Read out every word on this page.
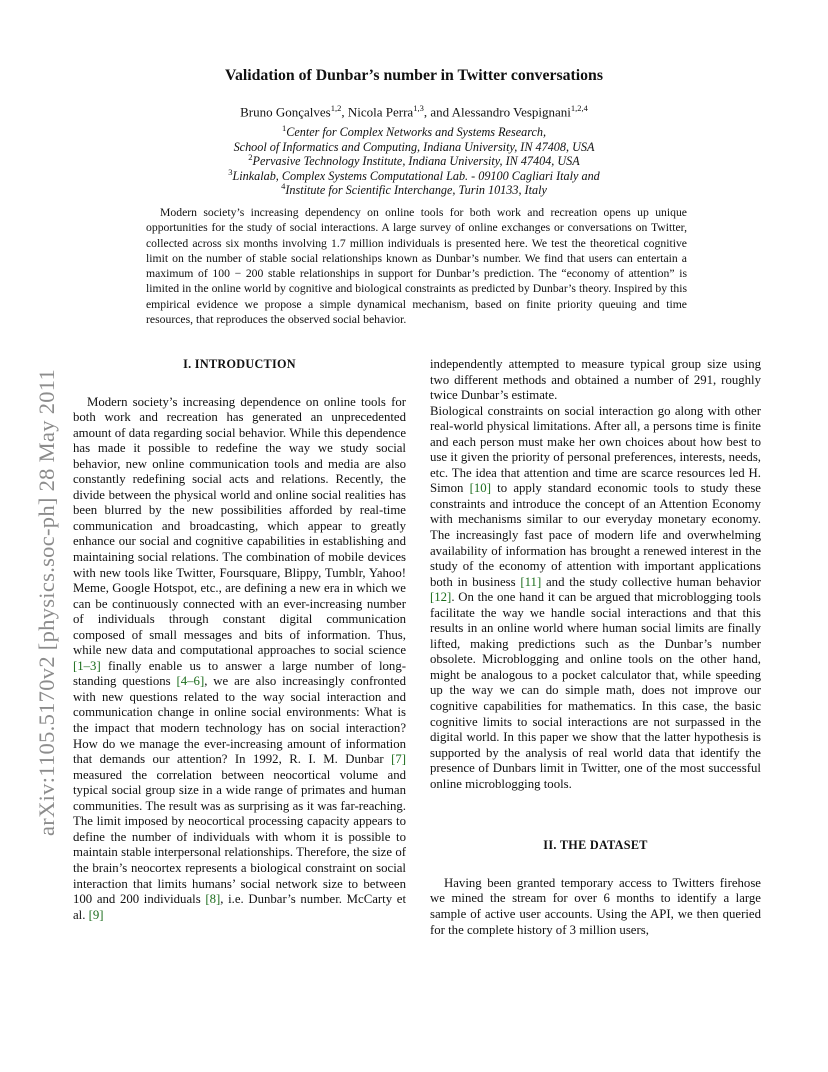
arXiv:1105.5170v2 [physics.soc-ph] 28 May 2011
Validation of Dunbar’s number in Twitter conversations
Bruno Gonçalves$^{1,2}$, Nicola Perra$^{1,3}$, and Alessandro Vespignani$^{1,2,4}$
$^1$Center for Complex Networks and Systems Research,
School of Informatics and Computing, Indiana University, IN 47408, USA
$^2$Pervasive Technology Institute, Indiana University, IN 47404, USA
$^3$Linkalab, Complex Systems Computational Lab. - 09100 Cagliari Italy and
$^4$Institute for Scientific Interchange, Turin 10133, Italy

Modern society’s increasing dependency on online tools for both work and recreation opens up unique opportunities for the study of social interactions. A large survey of online exchanges or conversations on Twitter, collected across six months involving 1.7 million individuals is presented here. We test the theoretical cognitive limit on the number of stable social relationships known as Dunbar’s number. We find that users can entertain a maximum of 100 − 200 stable relationships in support for Dunbar’s prediction. The “economy of attention” is limited in the online world by cognitive and biological constraints as predicted by Dunbar’s theory. Inspired by this empirical evidence we propose a simple dynamical mechanism, based on finite priority queuing and time resources, that reproduces the observed social behavior.

I. INTRODUCTION

Modern society’s increasing dependence on online tools for both work and recreation has generated an unprecedented amount of data regarding social behavior. While this dependence has made it possible to redefine the way we study social behavior, new online communication tools and media are also constantly redefining social acts and relations. Recently, the divide between the physical world and online social realities has been blurred by the new possibilities afforded by real-time communication and broadcasting, which appear to greatly enhance our social and cognitive capabilities in establishing and maintaining social relations. The combination of mobile devices with new tools like Twitter, Foursquare, Blippy, Tumblr, Yahoo! Meme, Google Hotspot, etc., are defining a new era in which we can be continuously connected with an ever-increasing number of individuals through constant digital communication composed of small messages and bits of information. Thus, while new data and computational approaches to social science [1–3] finally enable us to answer a large number of long-standing questions [4–6], we are also increasingly confronted with new questions related to the way social interaction and communication change in online social environments: What is the impact that modern technology has on social interaction? How do we manage the ever-increasing amount of information that demands our attention? In 1992, R. I. M. Dunbar [7] measured the correlation between neocortical volume and typical social group size in a wide range of primates and human communities. The result was as surprising as it was far-reaching. The limit imposed by neocortical processing capacity appears to define the number of individuals with whom it is possible to maintain stable interpersonal relationships. Therefore, the size of the brain’s neocortex represents a biological constraint on social interaction that limits humans’ social network size to between 100 and 200 individuals [8], i.e. Dunbar’s number. McCarty et al. [9]

independently attempted to measure typical group size using two different methods and obtained a number of 291, roughly twice Dunbar’s estimate.

Biological constraints on social interaction go along with other real-world physical limitations. After all, a persons time is finite and each person must make her own choices about how best to use it given the priority of personal preferences, interests, needs, etc. The idea that attention and time are scarce resources led H. Simon [10] to apply standard economic tools to study these constraints and introduce the concept of an Attention Economy with mechanisms similar to our everyday monetary economy. The increasingly fast pace of modern life and overwhelming availability of information has brought a renewed interest in the study of the economy of attention with important applications both in business [11] and the study collective human behavior [12]. On the one hand it can be argued that microblogging tools facilitate the way we handle social interactions and that this results in an online world where human social limits are finally lifted, making predictions such as the Dunbar’s number obsolete. Microblogging and online tools on the other hand, might be analogous to a pocket calculator that, while speeding up the way we can do simple math, does not improve our cognitive capabilities for mathematics. In this case, the basic cognitive limits to social interactions are not surpassed in the digital world. In this paper we show that the latter hypothesis is supported by the analysis of real world data that identify the presence of Dunbars limit in Twitter, one of the most successful online microblogging tools.

II. THE DATASET

Having been granted temporary access to Twitters firehose we mined the stream for over 6 months to identify a large sample of active user accounts. Using the API, we then queried for the complete history of 3 million users,
